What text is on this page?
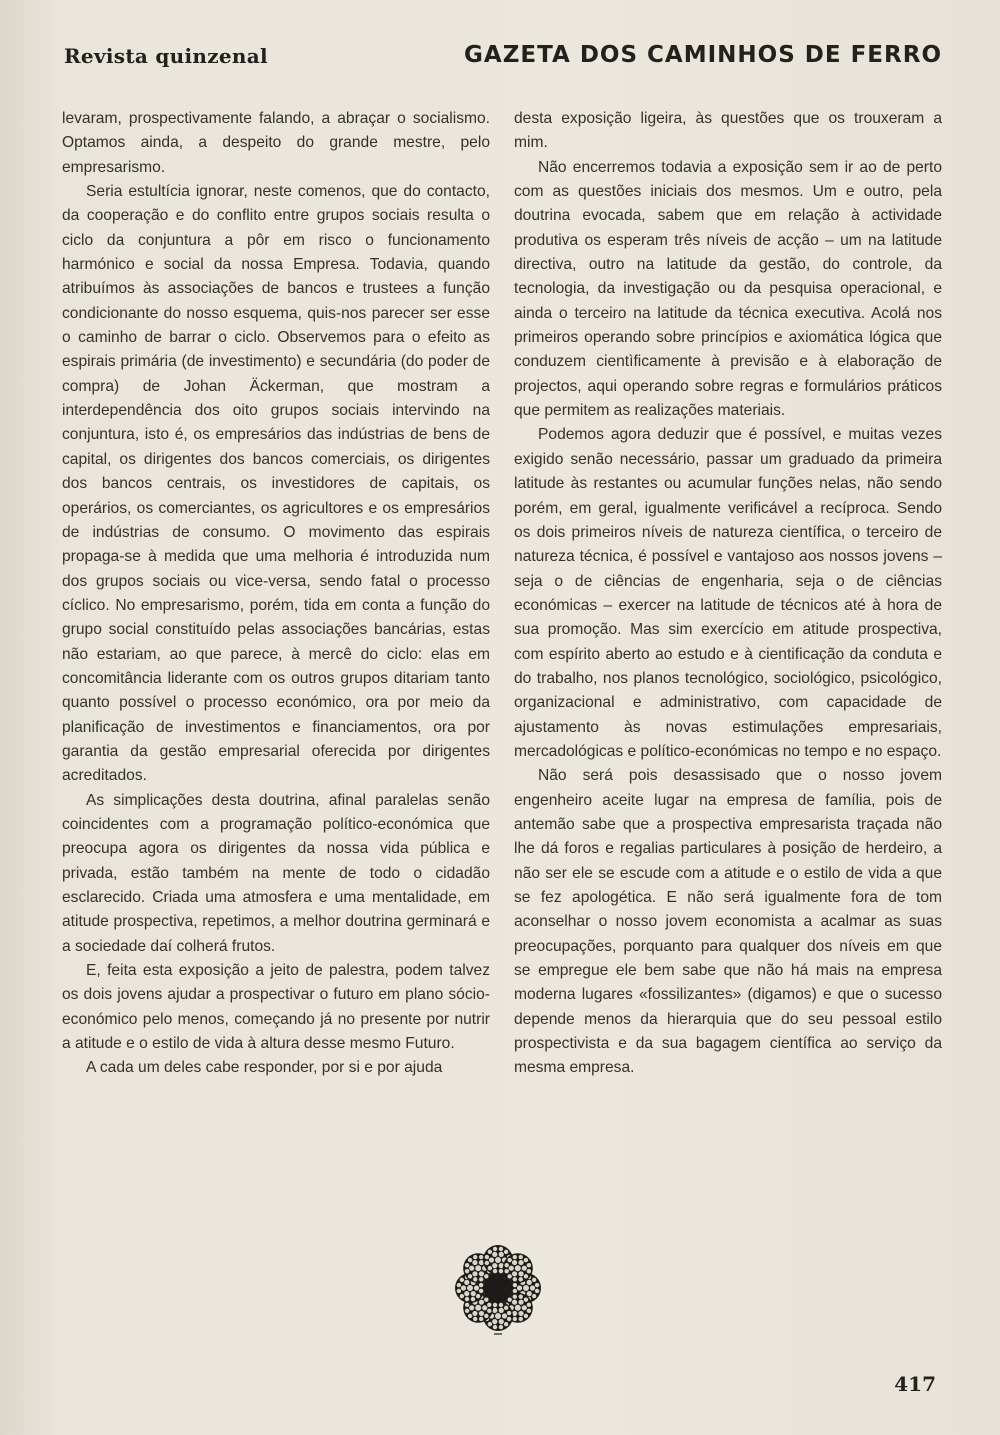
Revista quinzenal	GAZETA DOS CAMINHOS DE FERRO

levaram, prospectivamente falando, a abraçar o socialismo. Optamos ainda, a despeito do grande mestre, pelo empresarismo.

Seria estultícia ignorar, neste comenos, que do contacto, da cooperação e do conflito entre grupos sociais resulta o ciclo da conjuntura a pôr em risco o funcionamento harmónico e social da nossa Empresa. Todavia, quando atribuímos às associações de bancos e trustees a função condicionante do nosso esquema, quis-nos parecer ser esse o caminho de barrar o ciclo. Observemos para o efeito as espirais primária (de investimento) e secundária (do poder de compra) de Johan Äckerman, que mostram a interdependência dos oito grupos sociais intervindo na conjuntura, isto é, os empresários das indústrias de bens de capital, os dirigentes dos bancos comerciais, os dirigentes dos bancos centrais, os investidores de capitais, os operários, os comerciantes, os agricultores e os empresários de indústrias de consumo. O movimento das espirais propaga-se à medida que uma melhoria é introduzida num dos grupos sociais ou vice-versa, sendo fatal o processo cíclico. No empresarismo, porém, tida em conta a função do grupo social constituído pelas associações bancárias, estas não estariam, ao que parece, à mercê do ciclo: elas em concomitância liderante com os outros grupos ditariam tanto quanto possível o processo económico, ora por meio da planificação de investimentos e financiamentos, ora por garantia da gestão empresarial oferecida por dirigentes acreditados.

As simplicações desta doutrina, afinal paralelas senão coincidentes com a programação político-económica que preocupa agora os dirigentes da nossa vida pública e privada, estão também na mente de todo o cidadão esclarecido. Criada uma atmosfera e uma mentalidade, em atitude prospectiva, repetimos, a melhor doutrina germinará e a sociedade daí colherá frutos.

E, feita esta exposição a jeito de palestra, podem talvez os dois jovens ajudar a prospectivar o futuro em plano sócio-económico pelo menos, começando já no presente por nutrir a atitude e o estilo de vida à altura desse mesmo Futuro.

A cada um deles cabe responder, por si e por ajuda

desta exposição ligeira, às questões que os trouxeram a mim.

Não encerremos todavia a exposição sem ir ao de perto com as questões iniciais dos mesmos. Um e outro, pela doutrina evocada, sabem que em relação à actividade produtiva os esperam três níveis de acção – um na latitude directiva, outro na latitude da gestão, do controle, da tecnologia, da investigação ou da pesquisa operacional, e ainda o terceiro na latitude da técnica executiva. Acolá nos primeiros operando sobre princípios e axiomática lógica que conduzem cientìficamente à previsão e à elaboração de projectos, aqui operando sobre regras e formulários práticos que permitem as realizações materiais.

Podemos agora deduzir que é possível, e muitas vezes exigido senão necessário, passar um graduado da primeira latitude às restantes ou acumular funções nelas, não sendo porém, em geral, igualmente verificável a recíproca. Sendo os dois primeiros níveis de natureza científica, o terceiro de natureza técnica, é possível e vantajoso aos nossos jovens – seja o de ciências de engenharia, seja o de ciências económicas – exercer na latitude de técnicos até à hora de sua promoção. Mas sim exercício em atitude prospectiva, com espírito aberto ao estudo e à cientificação da conduta e do trabalho, nos planos tecnológico, sociológico, psicológico, organizacional e administrativo, com capacidade de ajustamento às novas estimulações empresariais, mercadológicas e político-económicas no tempo e no espaço.

Não será pois desassisado que o nosso jovem engenheiro aceite lugar na empresa de família, pois de antemão sabe que a prospectiva empresarista traçada não lhe dá foros e regalias particulares à posição de herdeiro, a não ser ele se escude com a atitude e o estilo de vida a que se fez apologética. E não será igualmente fora de tom aconselhar o nosso jovem economista a acalmar as suas preocupações, porquanto para qualquer dos níveis em que se empregue ele bem sabe que não há mais na empresa moderna lugares «fossilizantes» (digamos) e que o sucesso depende menos da hierarquia que do seu pessoal estilo prospectivista e da sua bagagem científica ao serviço da mesma empresa.

417
